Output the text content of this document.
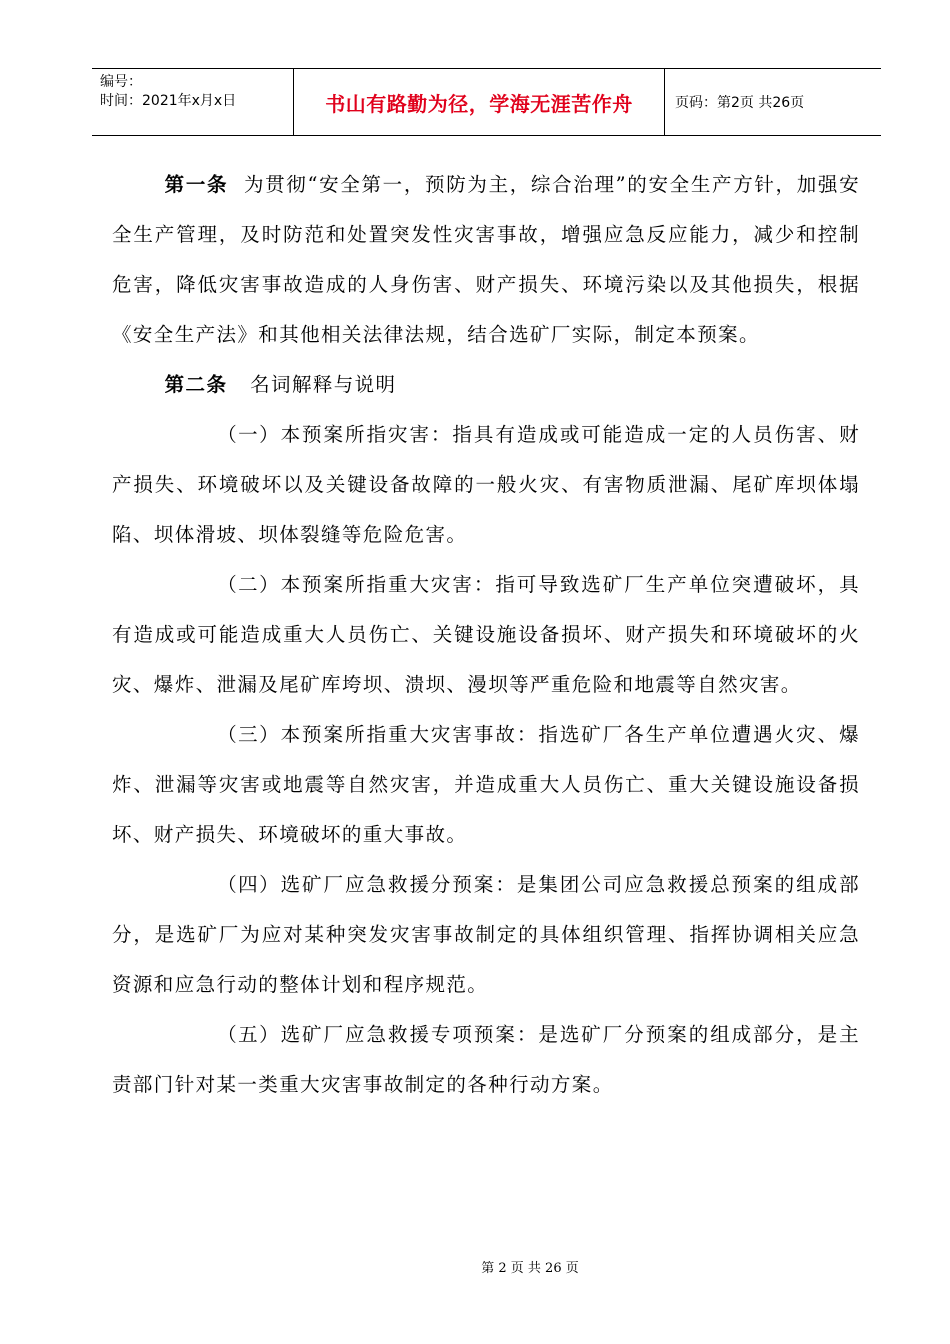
编号：
时间：2021年x月x日	书山有路勤为径，学海无涯苦作舟	页码：第2页 共26页

第一条 为贯彻“安全第一，预防为主，综合治理”的安全生产方针，加强安全生产管理，及时防范和处置突发性灾害事故，增强应急反应能力，减少和控制危害，降低灾害事故造成的人身伤害、财产损失、环境污染以及其他损失，根据《安全生产法》和其他相关法律法规，结合选矿厂实际，制定本预案。

第二条 名词解释与说明

（一）本预案所指灾害：指具有造成或可能造成一定的人员伤害、财产损失、环境破坏以及关键设备故障的一般火灾、有害物质泄漏、尾矿库坝体塌陷、坝体滑坡、坝体裂缝等危险危害。

（二）本预案所指重大灾害：指可导致选矿厂生产单位突遭破坏，具有造成或可能造成重大人员伤亡、关键设施设备损坏、财产损失和环境破坏的火灾、爆炸、泄漏及尾矿库垮坝、溃坝、漫坝等严重危险和地震等自然灾害。

（三）本预案所指重大灾害事故：指选矿厂各生产单位遭遇火灾、爆炸、泄漏等灾害或地震等自然灾害，并造成重大人员伤亡、重大关键设施设备损坏、财产损失、环境破坏的重大事故。

（四）选矿厂应急救援分预案：是集团公司应急救援总预案的组成部分，是选矿厂为应对某种突发灾害事故制定的具体组织管理、指挥协调相关应急资源和应急行动的整体计划和程序规范。

（五）选矿厂应急救援专项预案：是选矿厂分预案的组成部分，是主责部门针对某一类重大灾害事故制定的各种行动方案。

第 2 页 共 26 页
